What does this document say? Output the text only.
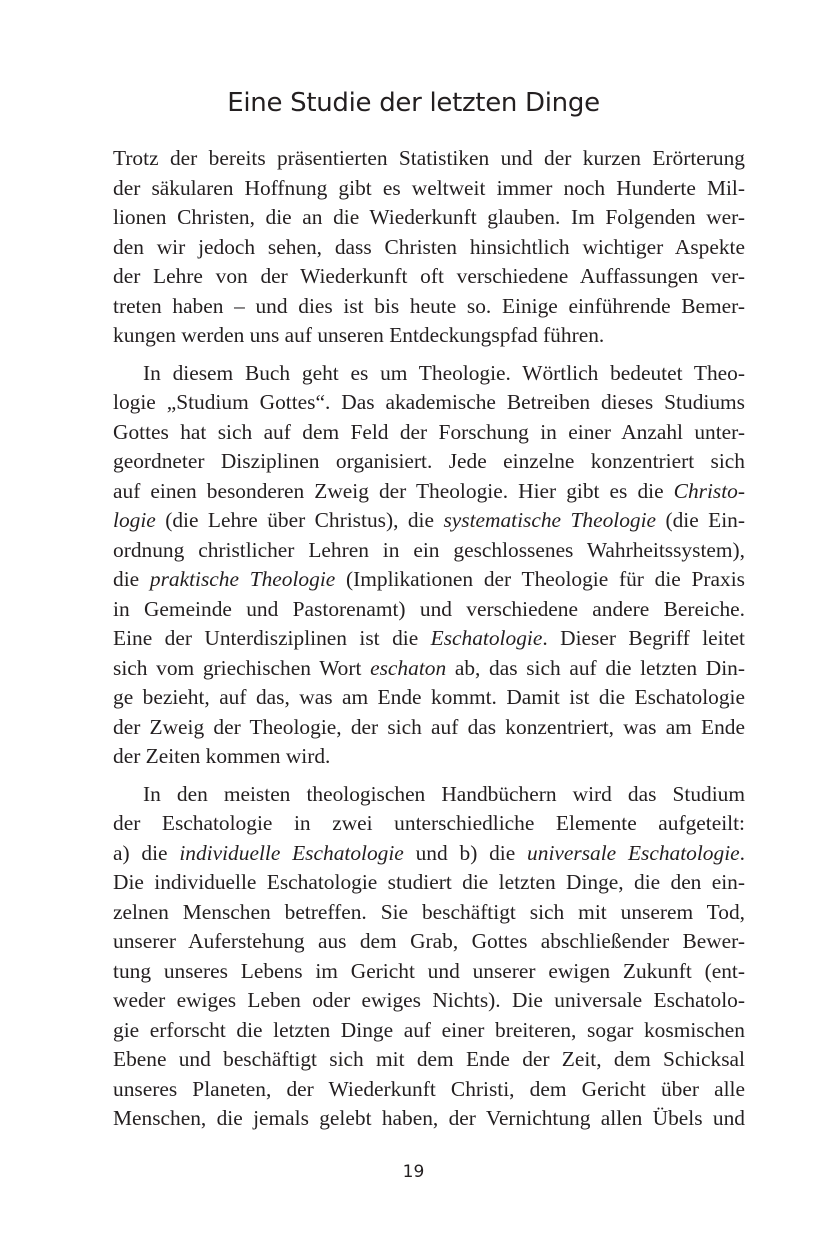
Eine Studie der letzten Dinge

Trotz der bereits präsentierten Statistiken und der kurzen Erörterung
der säkularen Hoffnung gibt es weltweit immer noch Hunderte Mil-
lionen Christen, die an die Wiederkunft glauben. Im Folgenden wer-
den wir jedoch sehen, dass Christen hinsichtlich wichtiger Aspekte
der Lehre von der Wiederkunft oft verschiedene Auffassungen ver-
treten haben – und dies ist bis heute so. Einige einführende Bemer-
kungen werden uns auf unseren Entdeckungspfad führen.

In diesem Buch geht es um Theologie. Wörtlich bedeutet Theo-
logie „Studium Gottes“. Das akademische Betreiben dieses Studiums
Gottes hat sich auf dem Feld der Forschung in einer Anzahl unter-
geordneter Disziplinen organisiert. Jede einzelne konzentriert sich
auf einen besonderen Zweig der Theologie. Hier gibt es die Christo-
logie (die Lehre über Christus), die systematische Theologie (die Ein-
ordnung christlicher Lehren in ein geschlossenes Wahrheitssystem),
die praktische Theologie (Implikationen der Theologie für die Praxis
in Gemeinde und Pastorenamt) und verschiedene andere Bereiche.
Eine der Unterdisziplinen ist die Eschatologie. Dieser Begriff leitet
sich vom griechischen Wort eschaton ab, das sich auf die letzten Din-
ge bezieht, auf das, was am Ende kommt. Damit ist die Eschatologie
der Zweig der Theologie, der sich auf das konzentriert, was am Ende
der Zeiten kommen wird.

In den meisten theologischen Handbüchern wird das Studium
der Eschatologie in zwei unterschiedliche Elemente aufgeteilt:
a) die individuelle Eschatologie und b) die universale Eschatologie.
Die individuelle Eschatologie studiert die letzten Dinge, die den ein-
zelnen Menschen betreffen. Sie beschäftigt sich mit unserem Tod,
unserer Auferstehung aus dem Grab, Gottes abschließender Bewer-
tung unseres Lebens im Gericht und unserer ewigen Zukunft (ent-
weder ewiges Leben oder ewiges Nichts). Die universale Eschatolo-
gie erforscht die letzten Dinge auf einer breiteren, sogar kosmischen
Ebene und beschäftigt sich mit dem Ende der Zeit, dem Schicksal
unseres Planeten, der Wiederkunft Christi, dem Gericht über alle
Menschen, die jemals gelebt haben, der Vernichtung allen Übels und

19
